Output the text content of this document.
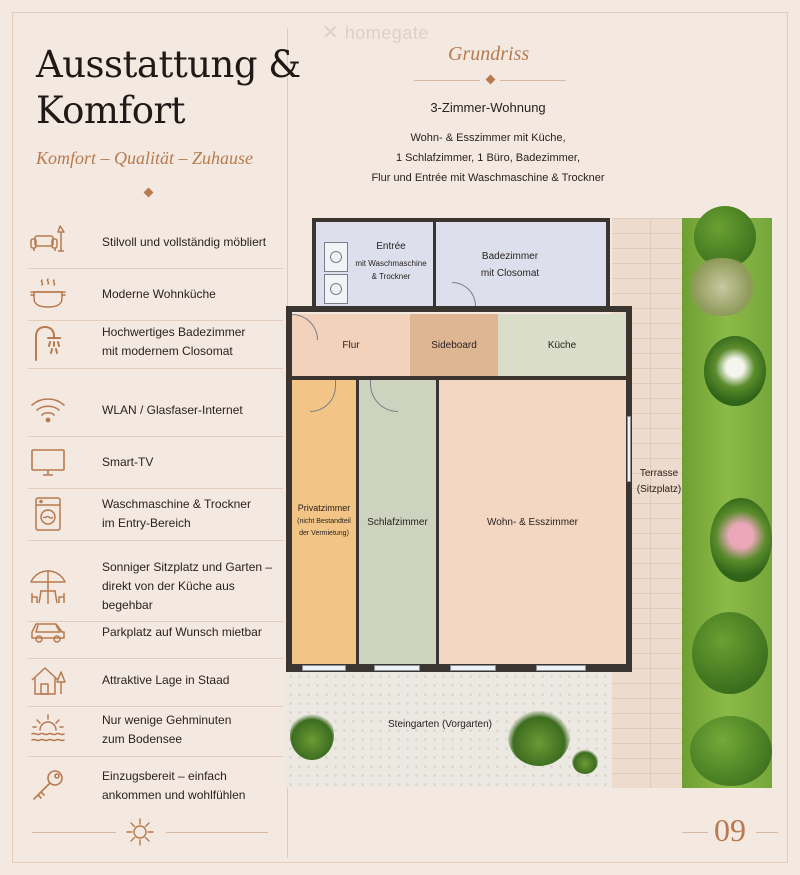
Ausstattung &
Komfort
Komfort – Qualität – Zuhause
Stilvoll und vollständig möbliert
Moderne Wohnküche
Hochwertiges Badezimmer
mit modernem Closomat
WLAN / Glasfaser-Internet
Smart-TV
Waschmaschine & Trockner
im Entry-Bereich
Sonniger Sitzplatz und Garten –
direkt von der Küche aus begehbar
Parkplatz auf Wunsch mietbar
Attraktive Lage in Staad
Nur wenige Gehminuten
zum Bodensee
Einzugsbereit – einfach
ankommen und wohlfühlen
✕ homegate
Grundriss
3-Zimmer-Wohnung
Wohn- & Esszimmer mit Küche,
1 Schlafzimmer, 1 Büro, Badezimmer,
Flur und Entrée mit Waschmaschine & Trockner
Steingarten (Vorgarten)
Entrée
mit Waschmaschine
& Trockner
Badezimmer
mit Closomat
Flur	Sideboard	Küche
Privatzimmer
(nicht Bestandteil
der Vermietung)
Schlafzimmer	Wohn- & Esszimmer
Terrasse
(Sitzplatz)
09
